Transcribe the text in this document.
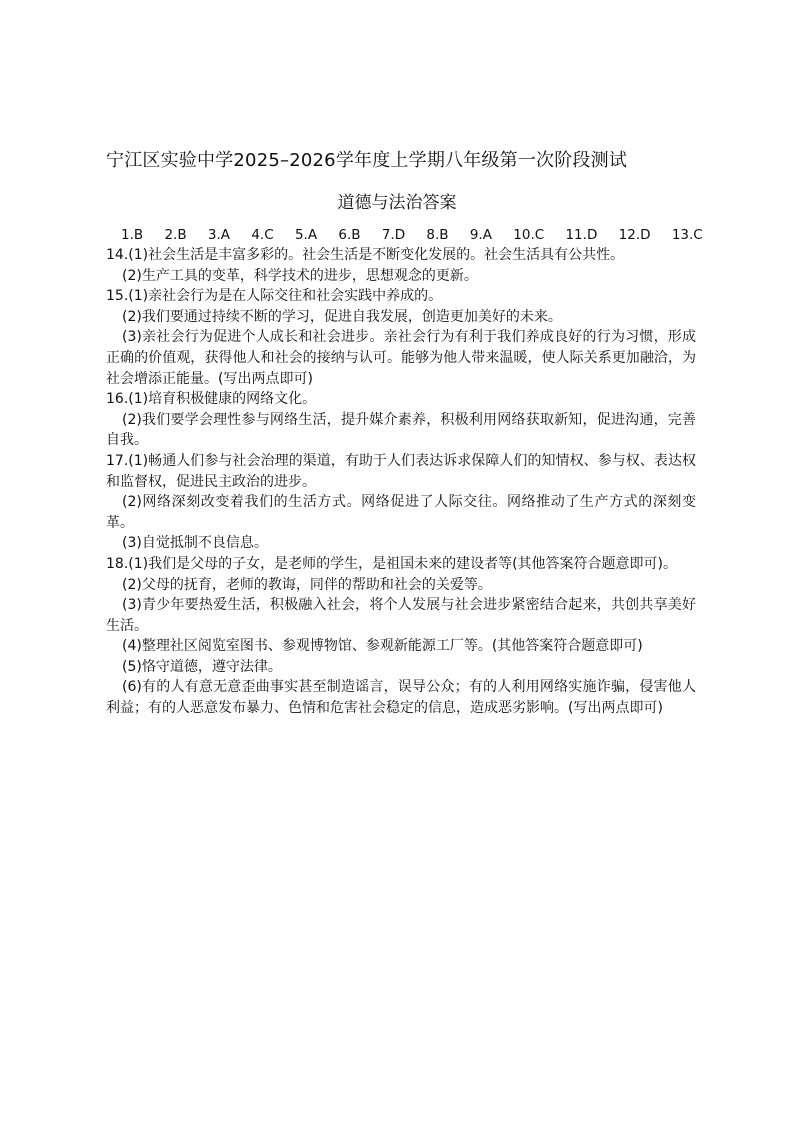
宁江区实验中学2025–2026学年度上学期八年级第一次阶段测试
道德与法治答案
1.B 2.B 3.A 4.C 5.A 6.B 7.D 8.B 9.A 10.C 11.D 12.D 13.C

14.(1)社会生活是丰富多彩的。社会生活是不断变化发展的。社会生活具有公共性。

(2)生产工具的变革，科学技术的进步，思想观念的更新。

15.(1)亲社会行为是在人际交往和社会实践中养成的。

(2)我们要通过持续不断的学习，促进自我发展，创造更加美好的未来。

(3)亲社会行为促进个人成长和社会进步。亲社会行为有利于我们养成良好的行为习惯，形成正确的价值观，获得他人和社会的接纳与认可。能够为他人带来温暖，使人际关系更加融洽，为社会增添正能量。(写出两点即可)

16.(1)培育积极健康的网络文化。

(2)我们要学会理性参与网络生活，提升媒介素养，积极利用网络获取新知，促进沟通，完善自我。

17.(1)畅通人们参与社会治理的渠道，有助于人们表达诉求保障人们的知情权、参与权、表达权和监督权，促进民主政治的进步。

(2)网络深刻改变着我们的生活方式。网络促进了人际交往。网络推动了生产方式的深刻变革。

(3)自觉抵制不良信息。

18.(1)我们是父母的子女，是老师的学生，是祖国未来的建设者等(其他答案符合题意即可)。

(2)父母的抚育，老师的教诲，同伴的帮助和社会的关爱等。

(3)青少年要热爱生活，积极融入社会，将个人发展与社会进步紧密结合起来，共创共享美好生活。

(4)整理社区阅览室图书、参观博物馆、参观新能源工厂等。(其他答案符合题意即可)

(5)恪守道德，遵守法律。

(6)有的人有意无意歪曲事实甚至制造谣言，误导公众；有的人利用网络实施诈骗，侵害他人利益；有的人恶意发布暴力、色情和危害社会稳定的信息，造成恶劣影响。(写出两点即可)
